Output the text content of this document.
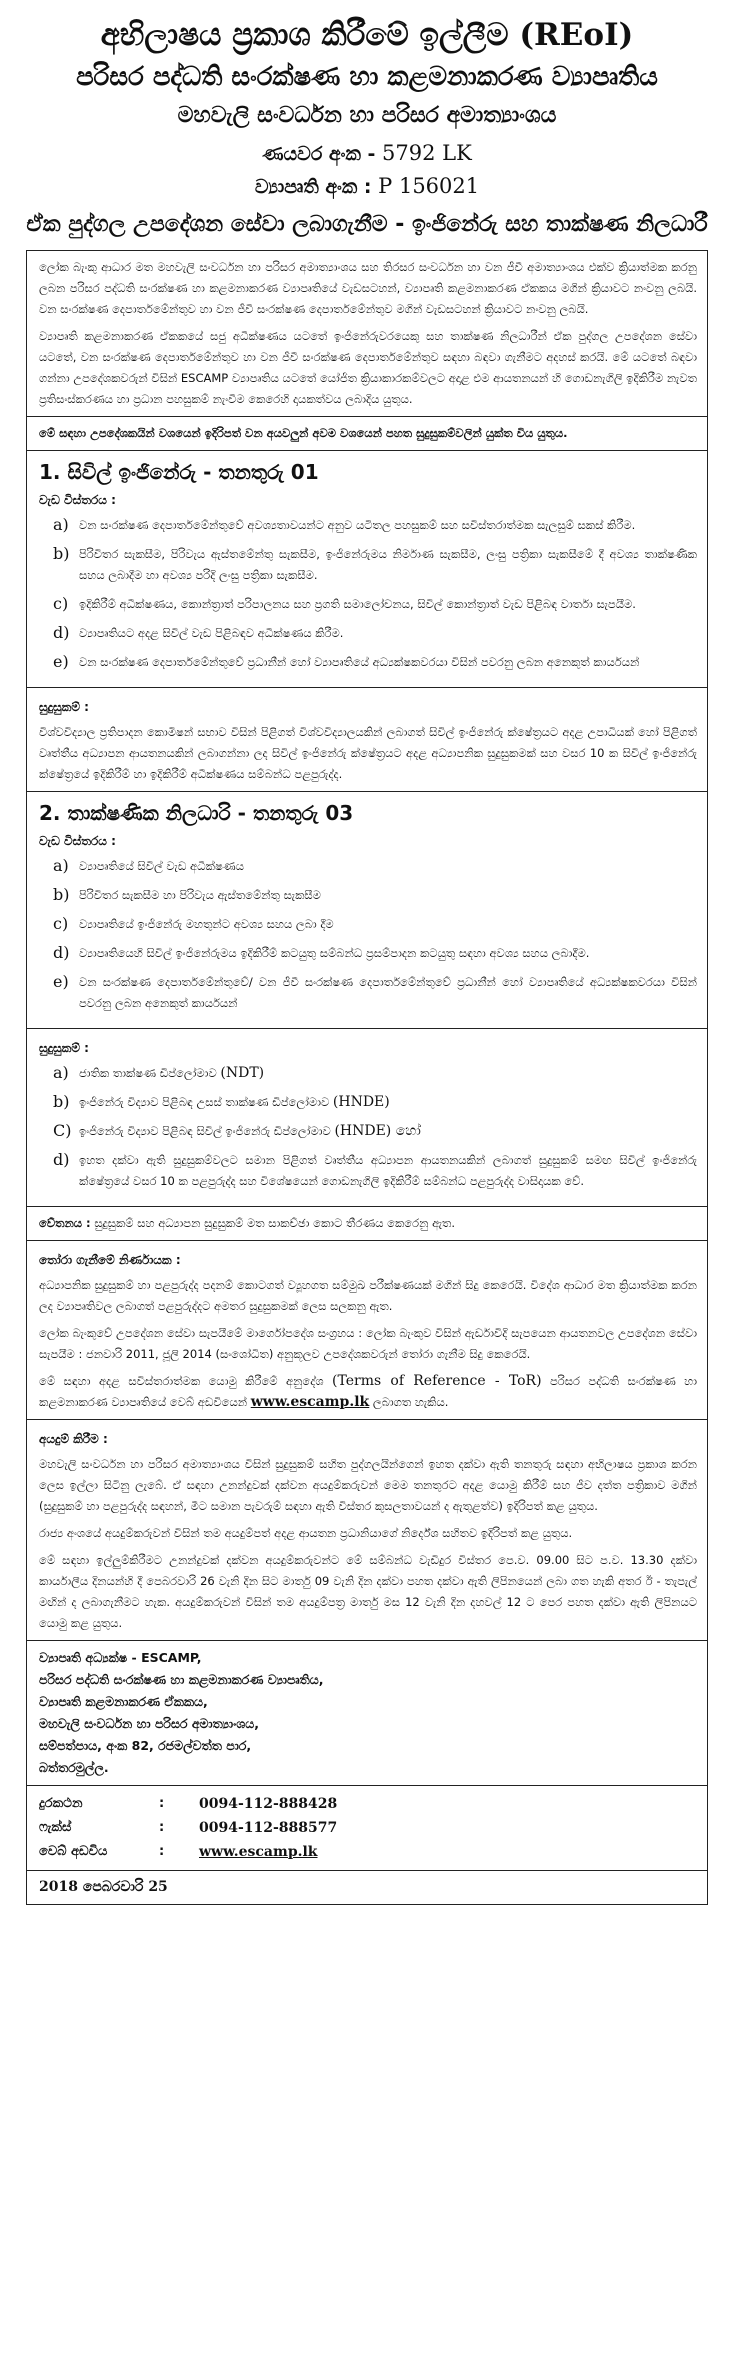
අභිලාෂය ප්‍රකාශ කිරීමේ ඉල්ලීම (REoI)
පරිසර පද්ධති සංරක්ෂණ හා කළමනාකරණ ව්‍යාපෘතිය
මහවැලි සංවර්ධන හා පරිසර අමාත්‍යාංශය
ණයවර අංක - 5792 LK
ව්‍යාපෘති අංක : P 156021
ඒක පුද්ගල උපදේශන සේවා ලබාගැනීම - ඉංජිනේරු සහ තාක්ෂණ නිලධාරී

ලෝක බැංකු ආධාර මත මහවැලි සංවර්ධන හා පරිසර අමාත්‍යාංශය සහ තිරසර සංවර්ධන හා වන ජීවී අමාත්‍යාංශය එක්ව ක්‍රියාත්මක කරනු ලබන පරිසර පද්ධති සංරක්ෂණ හා කළමනාකරණ ව්‍යාපෘතියේ වැඩසටහන්, ව්‍යාපෘති කළමනාකරණ ඒකකය මගින් ක්‍රියාවට නංවනු ලබයි. වන සංරක්ෂණ දෙපාර්තමේන්තුව හා වන ජීවී සංරක්ෂණ දෙපාර්තමේන්තුව මගින් වැඩසටහන් ක්‍රියාවට නංවනු ලබයි.

ව්‍යාපෘති කළමනාකරණ ඒකකයේ සජු අධීක්ෂණය යටතේ ඉංජිනේරුවරයෙකු සහ තාක්ෂණ නිලධාරීන් ඒක පුද්ගල උපදේශන සේවා යටතේ, වන සංරක්ෂණ දෙපාර්තමේන්තුව හා වන ජීවී සංරක්ෂණ දෙපාර්තමේන්තුව සඳහා බඳවා ගැනීමට අදහස් කරයි. මේ යටතේ බඳවා ගන්නා උපදේශකවරුන් විසින් ESCAMP ව්‍යාපෘතිය යටතේ යෝජිත ක්‍රියාකාරකම්වලට අදාළ එම ආයතනයන් හි ගොඩනැගිලි ඉදිකිරීම නැවත ප්‍රතිසංස්කරණය හා ප්‍රධාන පහසුකම් නැංවීම කෙරෙහි දායකත්වය ලබාදිය යුතුය.

මේ සඳහා උපදේශකයින් වශයෙන් ඉදිරිපත් වන අයවලුන් අවම වශයෙන් පහත සුදුසුකම්වලින් යුක්ත විය යුතුය.

1. සිවිල් ඉංජිනේරු - තනතුරු 01
වැඩ විස්තරය :
a) වන සංරක්ෂණ දෙපාර්තමේන්තුවේ අවශ්‍යතාවයන්ට අනුව යටිතල පහසුකම් සහ සවිස්තරාත්මක සැලසුම් සකස් කිරීම.
b) පිරිවිතර සැකසීම, පිරිවැය ඇස්තමේන්තු සැකසීම, ඉංජිනේරුමය නිර්මාණ සැකසීම, ලංසු පත්‍රිකා සැකසීමේ දී අවශ්‍ය තාක්ෂණික සහය ලබාදීම හා අවශ්‍ය පරිදි ලංසු පත්‍රිකා සැකසීම.
c) ඉදිකිරීම් අධීක්ෂණය, කොන්ත්‍රාත් පරිපාලනය සහ ප්‍රගති සමාලෝචනය, සිවිල් කොන්ත්‍රාත් වැඩ පිළිබඳ වාර්තා සැපයීම.
d) ව්‍යාපෘතියට අදළ සිවිල් වැඩ පිළිබඳව අධීක්ෂණය කිරීම.
e) වන සංරක්ෂණ දෙපාර්තමේන්තුවේ ප්‍රධානීන් හෝ ව්‍යාපෘතියේ අධ්‍යක්ෂකවරයා විසින් පවරනු ලබන අනෙකුත් කාර්යයන්
සුදුසුකම් :

විශ්වවිද්‍යාල ප්‍රතිපාදන කොමිෂන් සභාව විසින් පිළිගත් විශ්වවිද්‍යාලයකින් ලබාගත් සිවිල් ඉංජිනේරු ක්ෂේත්‍රයට අදළ උපාධියක් හෝ පිළිගත් වෘත්තීය අධ්‍යාපන ආයතනයකින් ලබාගන්නා ලද සිවිල් ඉංජිනේරු ක්ෂේත්‍රයට අදළ අධ්‍යාපනික සුදුසුකමක් සහ වසර 10 ක සිවිල් ඉංජිනේරු ක්ෂේත්‍රයේ ඉදිකිරීම් හා ඉදිකිරීම් අධීක්ෂණය සම්බන්ධ පළපුරුද්ද.

2. තාක්ෂණික නිලධාරි - තනතුරු 03
වැඩ විස්තරය :
a) ව්‍යාපෘතියේ සිවිල් වැඩ අධීක්ෂණය
b) පිරිවිතර සැකසීම හා පිරිවැය ඇස්තමේන්තු සැකසීම
c) ව්‍යාපෘතියේ ඉංජිනේරු මහතුන්ට අවශ්‍ය සහය ලබා දීම
d) ව්‍යාපෘතියෙහි සිවිල් ඉංජිනේරුමය ඉදිකිරීම් කටයුතු සම්බන්ධ ප්‍රසම්පාදන කටයුතු සඳහා අවශ්‍ය සහය ලබාදීම.
e) වන සංරක්ෂණ දෙපාර්තමේන්තුවේ/ වන ජීවී සංරක්ෂණ දෙපාර්තමේන්තුවේ ප්‍රධානීන් හෝ ව්‍යාපෘතියේ අධ්‍යක්ෂකවරයා විසින් පවරනු ලබන අනෙකුත් කාර්යයන්
සුදුසුකම් :
a) ජාතික තාක්ෂණ ඩිප්ලෝමාව (NDT)
b) ඉංජිනේරු විද්‍යාව පිළිබඳ උසස් තාක්ෂණ ඩිප්ලෝමාව (HNDE)
C) ඉංජිනේරු විද්‍යාව පිළිබඳ සිවිල් ඉංජිනේරු ඩිප්ලෝමාව (HNDE) හෝ
d) ඉහත දක්වා ඇති සුදුසුකම්වලට සමාන පිළිගත් වෘත්තීය අධ්‍යාපන ආයතනයකින් ලබාගත් සුදුසුකම් සමඟ සිවිල් ඉංජිනේරු ක්ෂේත්‍රයේ වසර 10 ක පළපුරුද්ද සහ විශේෂයෙන් ගොඩනැගිලි ඉදිකිරීම් සම්බන්ධ පළපුරුද්ද වාසිදායක වේ.
වේතනය : සුදුසුකම් සහ අධ්‍යාපන සුදුසුකම් මත සාකච්ඡා කොට තීරණය කෙරෙනු ඇත.
තෝරා ගැනීමේ නිර්ණායක :

අධ්‍යාපනික සුදුසුකම් හා පළපුරුද්ද පදනම් කොටගත් ව්‍යූහගත සම්මුඛ පරීක්ෂණයක් මගින් සිදු කෙරෙයි. විදේශ ආධාර මත ක්‍රියාත්මක කරන ලද ව්‍යාපෘතිවල ලබාගත් පළපුරුද්දට අමතර සුදුසුකමක් ලෙස සලකනු ඇත.

ලෝක බැංකුවේ උපදේශන සේවා සැපයීමේ මාර්ගෝපදේශ සංග්‍රහය : ලෝක බැංකුව විසින් ඇර්ඩාවිදි සැපයෙන ආයතනවල උපදේශන සේවා සැපයීම : ජනවාරි 2011, ජූලි 2014 (සංශෝධිත) අනුකූලව උපදේශකවරුන් තෝරා ගැනීම සිදු කෙරෙයි.

මේ සඳහා අදළ සවිස්තරාත්මක යොමු කිරීමේ අනුදේශ (Terms of Reference - ToR) පරිසර පද්ධති සංරක්ෂණ හා කළමනාකරණ ව්‍යාපෘතියේ වෙබ් අඩවියෙන් www.escamp.lk ලබාගත හැකිය.

අයදුම් කිරීම :

මහවැලි සංවර්ධන හා පරිසර අමාත්‍යාංශය විසින් සුදුසුකම් සහිත පුද්ගලයින්ගෙන් ඉහත දක්වා ඇති තනතුරු සඳහා අභිලාෂය ප්‍රකාශ කරන ලෙස ඉල්ලා සිටිනු ලැබේ. ඒ සඳහා උනන්දුවක් දක්වන අයදුම්කරුවන් මෙම තනතුරට අදළ යොමු කිරීම් සහ ජීව දත්ත පත්‍රිකාව මගින් (සුදුසුකම් හා පළපුරුද්ද සඳහන්, මීට සමාන පැවරුම් සඳහා ඇති විස්තර කුසලතාවයන් ද ඇතුළත්ව) ඉදිරිපත් කළ යුතුය.

රාජ්‍ය අංශයේ අයදුම්කරුවන් විසින් තම අයදුම්පත් අදළ ආයතන ප්‍රධානියාගේ නිර්දේශ සහිතව ඉදිරිපත් කළ යුතුය.

මේ සඳහා ඉල්ලුම්කිරීමට උනන්දුවක් දක්වන අයදුම්කරුවන්ට මේ සම්බන්ධ වැඩිදුර විස්තර පෙ.ව. 09.00 සිට ප.ව. 13.30 දක්වා කාර්යාලීය දිනයන්හි දී පෙබරවාරි 26 වැනි දින සිට මාර්තු 09 වැනි දින දක්වා පහත දක්වා ඇති ලිපිනයෙන් ලබා ගත හැකි අතර ඊ - තැපැල් මඟින් ද ලබාගැනීමට හැක. අයදුම්කරුවන් විසින් තම අයදුම්පත්‍ර මාර්තු මස 12 වැනි දින දහවල් 12 ට පෙර පහත දක්වා ඇති ලිපිනයට යොමු කළ යුතුය.

ව්‍යාපෘති අධ්‍යක්ෂ - ESCAMP,
පරිසර පද්ධති සංරක්ෂණ හා කළමනාකරණ ව්‍යාපෘතිය,
ව්‍යාපෘති කළමනාකරණ ඒකකය,
මහවැලි සංවර්ධන හා පරිසර අමාත්‍යාංශය,
සම්පත්පාය, අංක 82, රජමල්වත්ත පාර,
බත්තරමුල්ල.
දුරකථන	:	0094-112-888428
ෆැක්ස්	:	0094-112-888577
වෙබ් අඩවිය	:	www.escamp.lk
2018 පෙබරවාරි 25
